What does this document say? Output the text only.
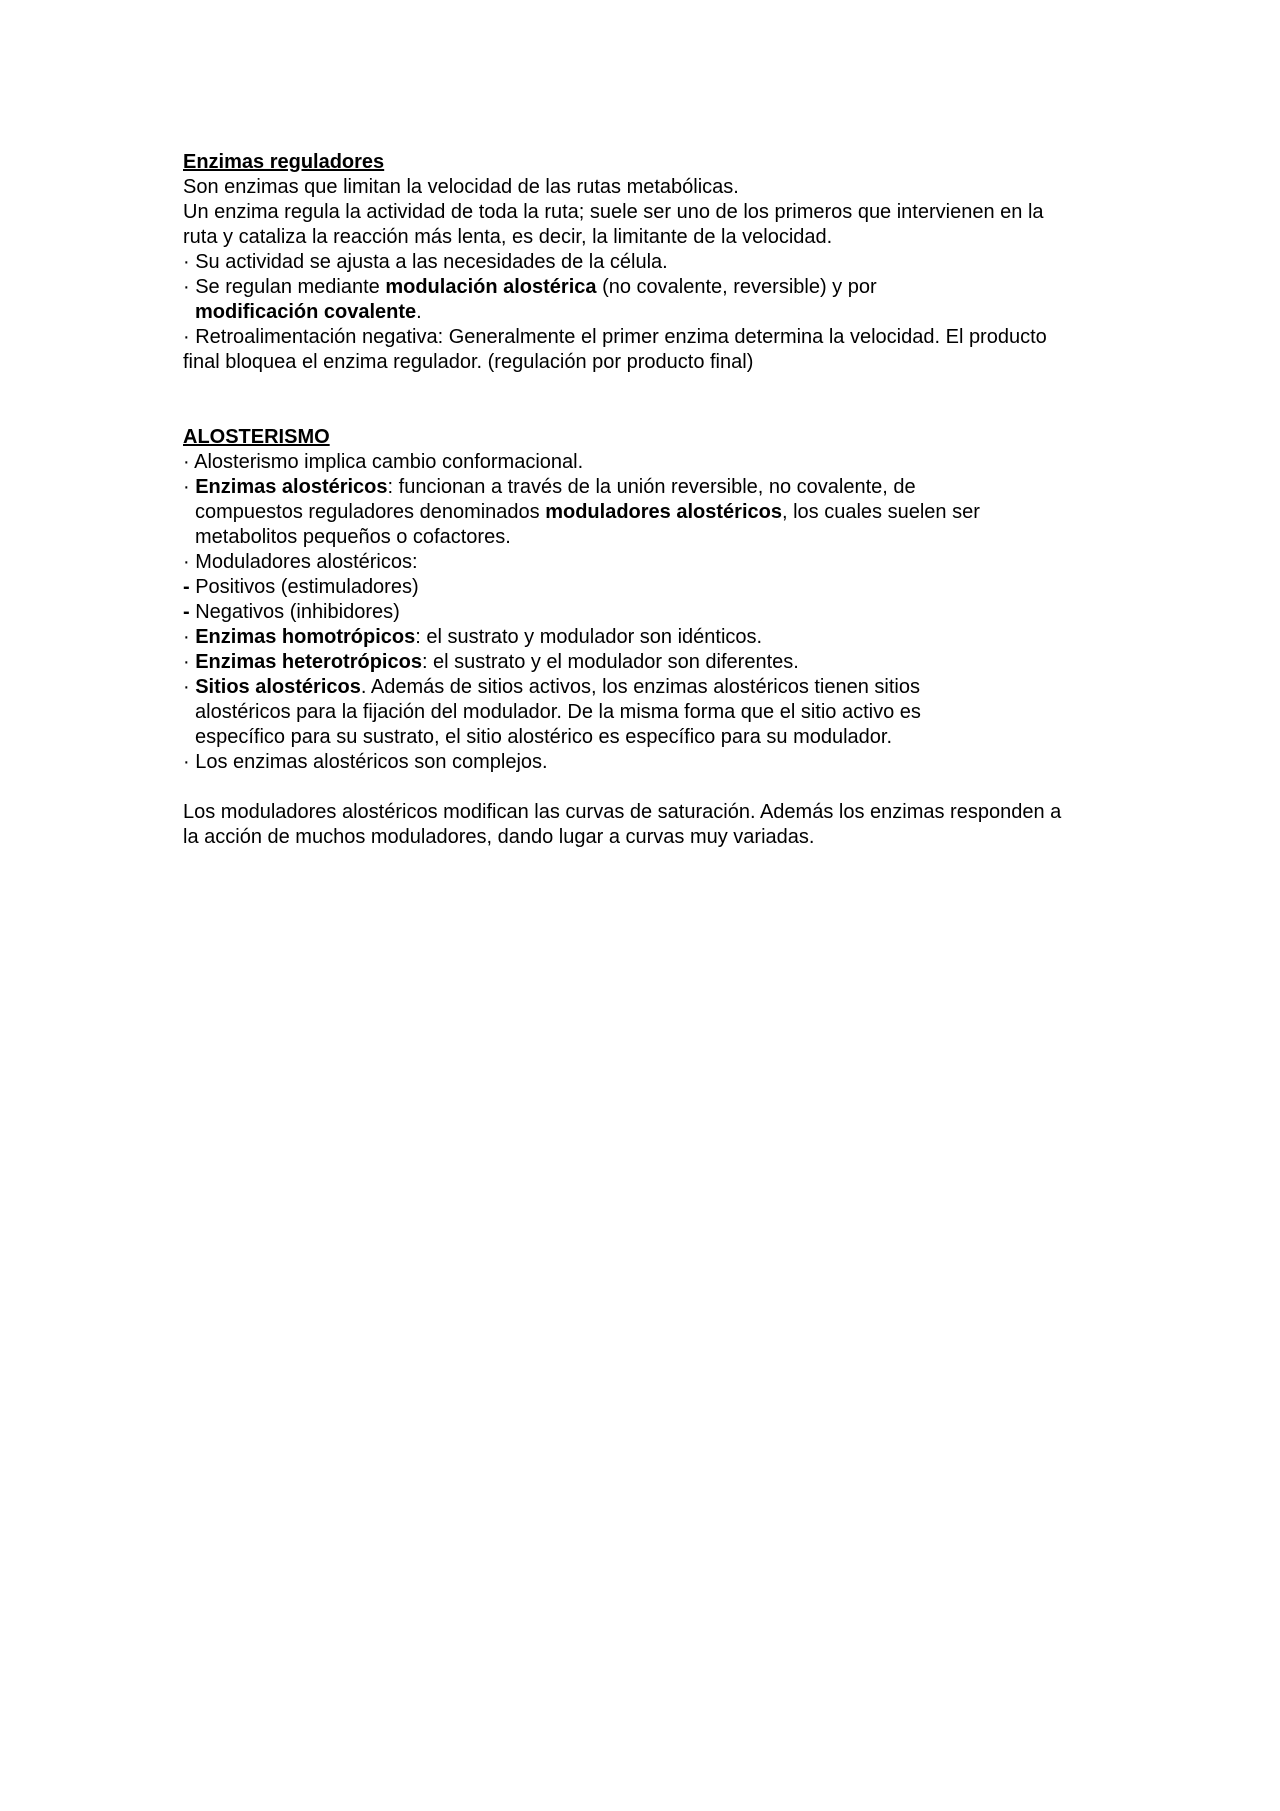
Enzimas reguladores
Son enzimas que limitan la velocidad de las rutas metabólicas.
Un enzima regula la actividad de toda la ruta; suele ser uno de los primeros que intervienen en la ruta y cataliza la reacción más lenta, es decir, la limitante de la velocidad.
· Su actividad se ajusta a las necesidades de la célula.
· Se regulan mediante modulación alostérica (no covalente, reversible) y por
modificación covalente.
· Retroalimentación negativa: Generalmente el primer enzima determina la velocidad. El producto final bloquea el enzima regulador. (regulación por producto final)
ALOSTERISMO
· Alosterismo implica cambio conformacional.
· Enzimas alostéricos: funcionan a través de la unión reversible, no covalente, de
compuestos reguladores denominados moduladores alostéricos, los cuales suelen ser
metabolitos pequeños o cofactores.
· Moduladores alostéricos:
- Positivos (estimuladores)
- Negativos (inhibidores)
· Enzimas homotrópicos: el sustrato y modulador son idénticos.
· Enzimas heterotrópicos: el sustrato y el modulador son diferentes.
· Sitios alostéricos. Además de sitios activos, los enzimas alostéricos tienen sitios
alostéricos para la fijación del modulador. De la misma forma que el sitio activo es
específico para su sustrato, el sitio alostérico es específico para su modulador.
· Los enzimas alostéricos son complejos.
Los moduladores alostéricos modifican las curvas de saturación. Además los enzimas responden a la acción de muchos moduladores, dando lugar a curvas muy variadas.
